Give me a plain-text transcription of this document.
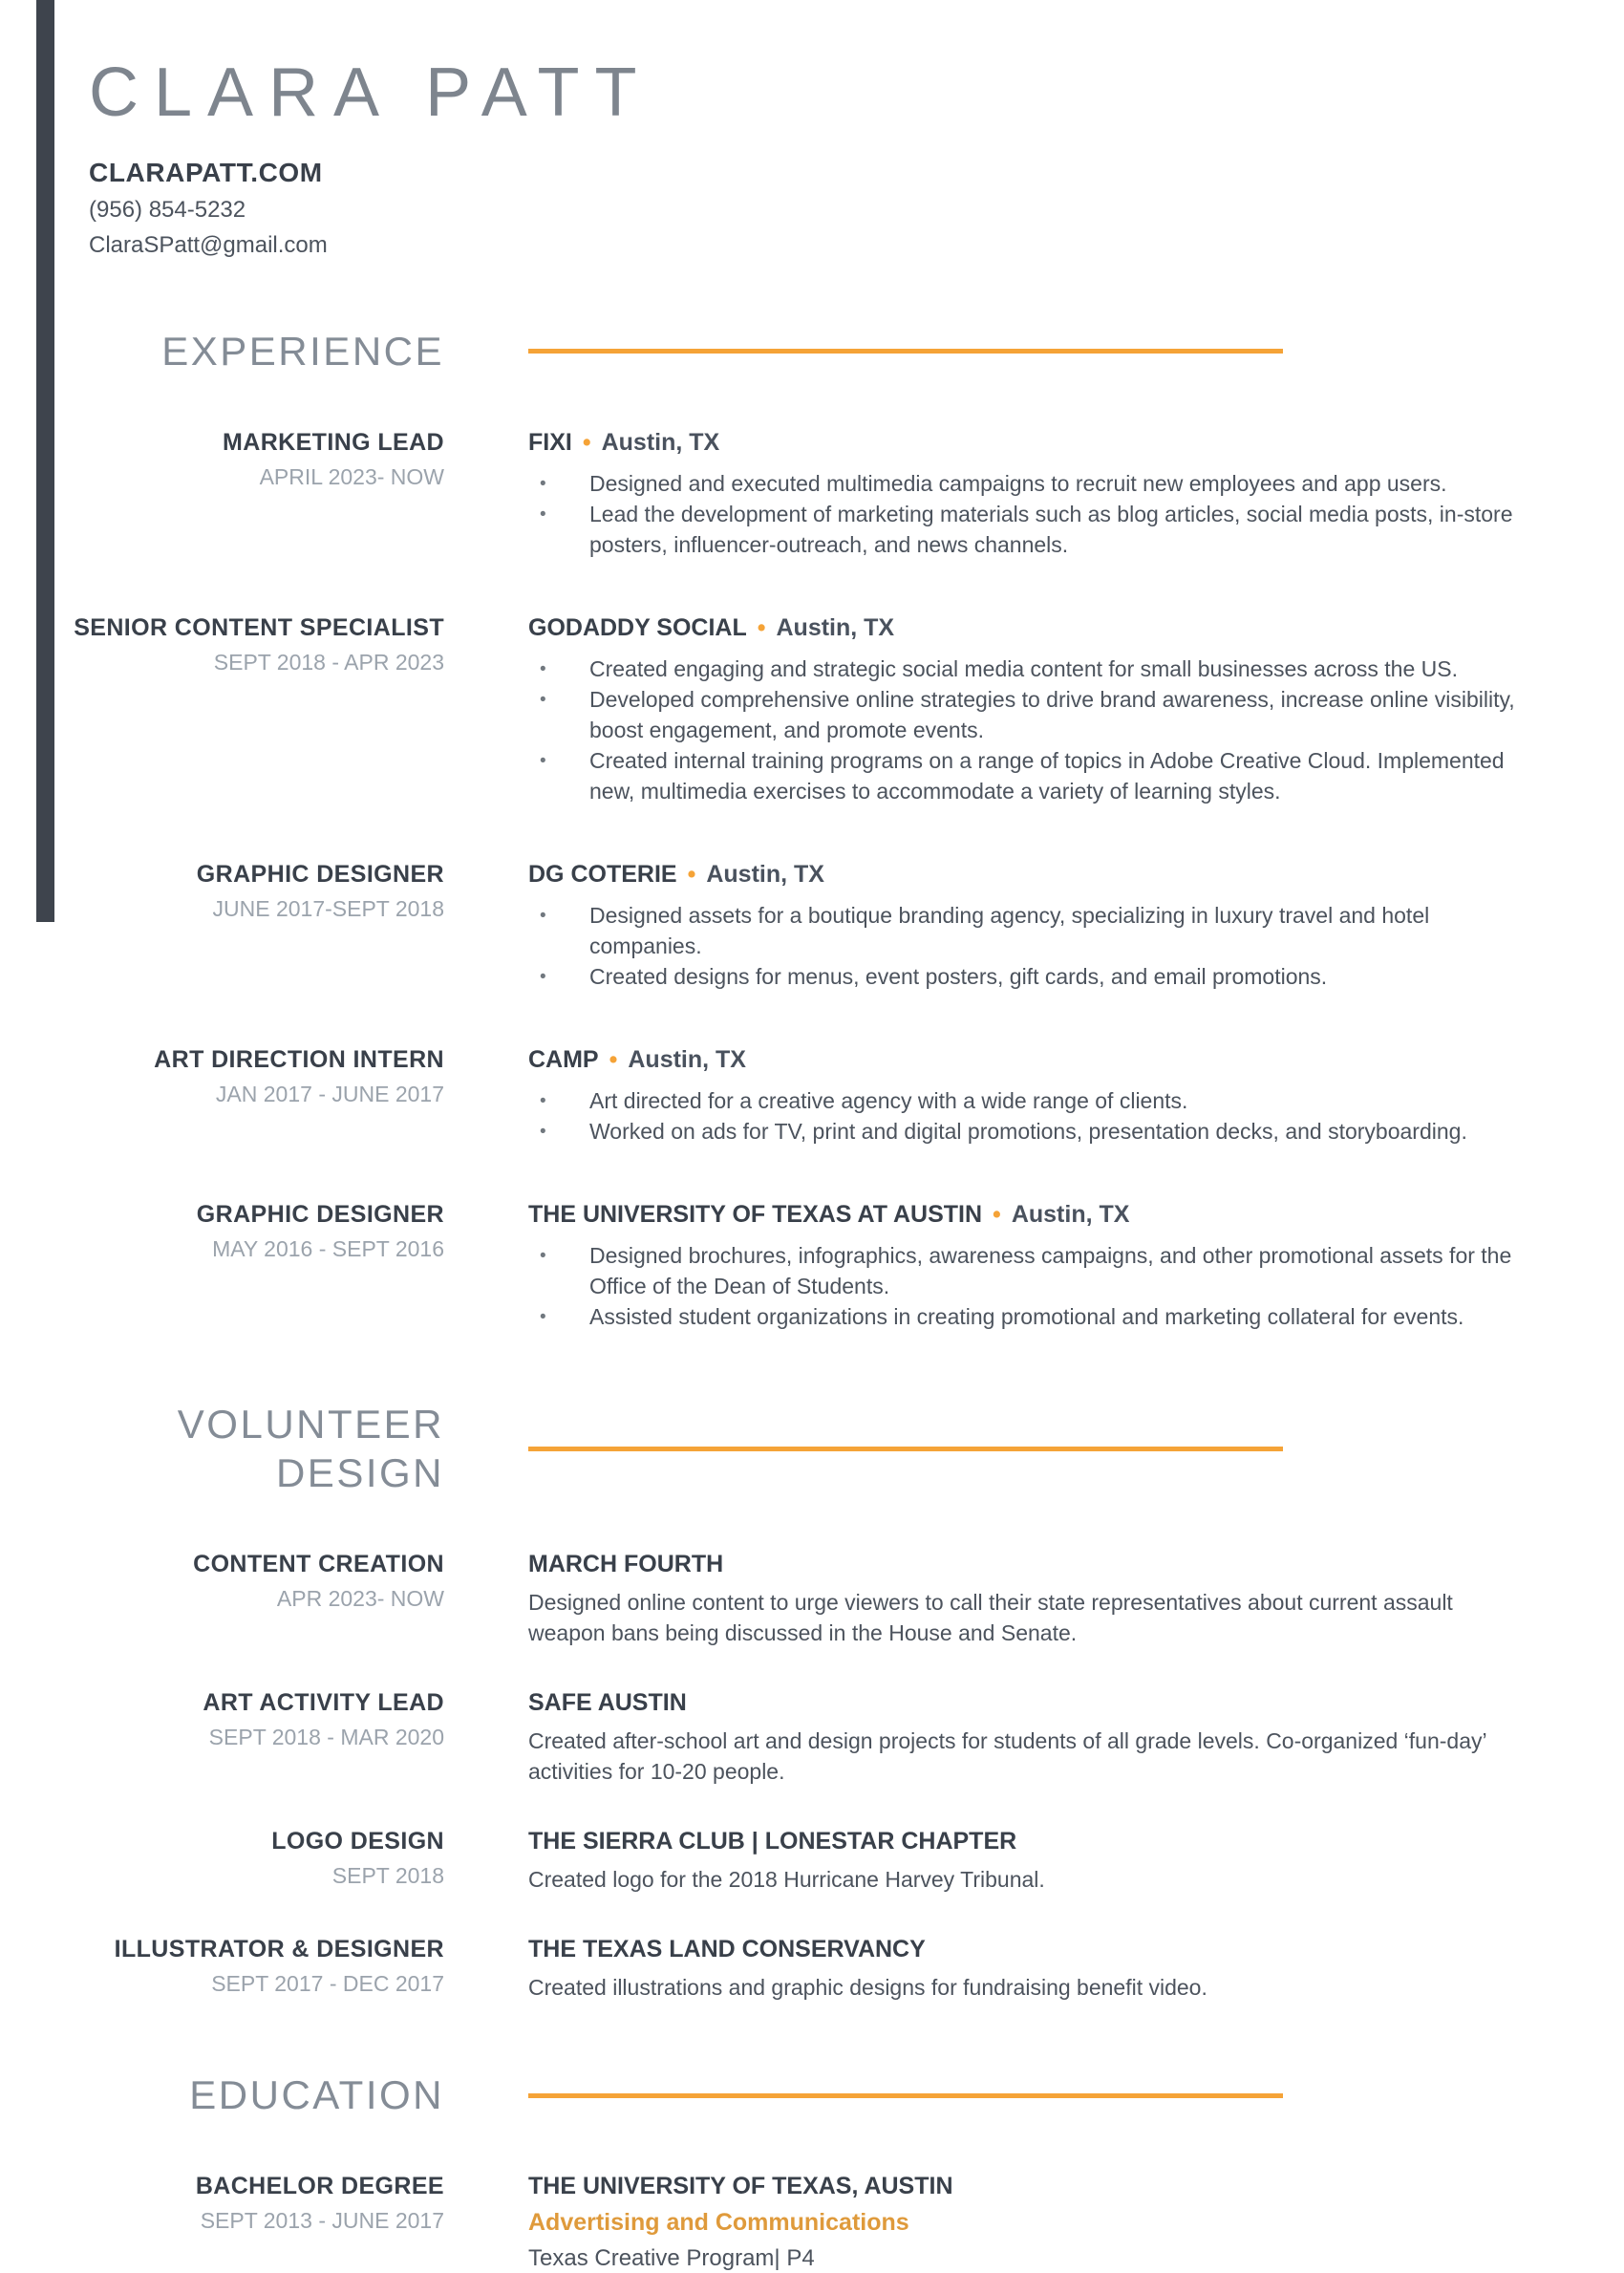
CLARA PATT
CLARAPATT.COM
(956) 854-5232
ClaraSPatt@gmail.com
EXPERIENCE
MARKETING LEAD
APRIL 2023- NOW
FIXI • Austin, TX
• Designed and executed multimedia campaigns to recruit new employees and app users.
• Lead the development of marketing materials such as blog articles, social media posts, in-store posters, influencer-outreach, and news channels.
SENIOR CONTENT SPECIALIST
SEPT 2018 - APR 2023
GODADDY SOCIAL • Austin, TX
• Created engaging and strategic social media content for small businesses across the US.
• Developed comprehensive online strategies to drive brand awareness, increase online visibility, boost engagement, and promote events.
• Created internal training programs on a range of topics in Adobe Creative Cloud. Implemented new, multimedia exercises to accommodate a variety of learning styles.
GRAPHIC DESIGNER
JUNE 2017-SEPT 2018
DG COTERIE • Austin, TX
• Designed assets for a boutique branding agency, specializing in luxury travel and hotel companies.
• Created designs for menus, event posters, gift cards, and email promotions.
ART DIRECTION INTERN
JAN 2017 - JUNE 2017
CAMP • Austin, TX
• Art directed for a creative agency with a wide range of clients.
• Worked on ads for TV, print and digital promotions, presentation decks, and storyboarding.
GRAPHIC DESIGNER
MAY 2016 - SEPT 2016
THE UNIVERSITY OF TEXAS AT AUSTIN • Austin, TX
• Designed brochures, infographics, awareness campaigns, and other promotional assets for the Office of the Dean of Students.
• Assisted student organizations in creating promotional and marketing collateral for events.
VOLUNTEER DESIGN
CONTENT CREATION
APR 2023- NOW
MARCH FOURTH

Designed online content to urge viewers to call their state representatives about current assault weapon bans being discussed in the House and Senate.

ART ACTIVITY LEAD
SEPT 2018 - MAR 2020
SAFE AUSTIN

Created after-school art and design projects for students of all grade levels. Co-organized ‘fun-day’ activities for 10-20 people.

LOGO DESIGN
SEPT 2018
THE SIERRA CLUB | LONESTAR CHAPTER

Created logo for the 2018 Hurricane Harvey Tribunal.

ILLUSTRATOR & DESIGNER
SEPT 2017 - DEC 2017
THE TEXAS LAND CONSERVANCY

Created illustrations and graphic designs for fundraising benefit video.

EDUCATION
BACHELOR DEGREE
SEPT 2013 - JUNE 2017
THE UNIVERSITY OF TEXAS, AUSTIN
Advertising and Communications
Texas Creative Program| P4
